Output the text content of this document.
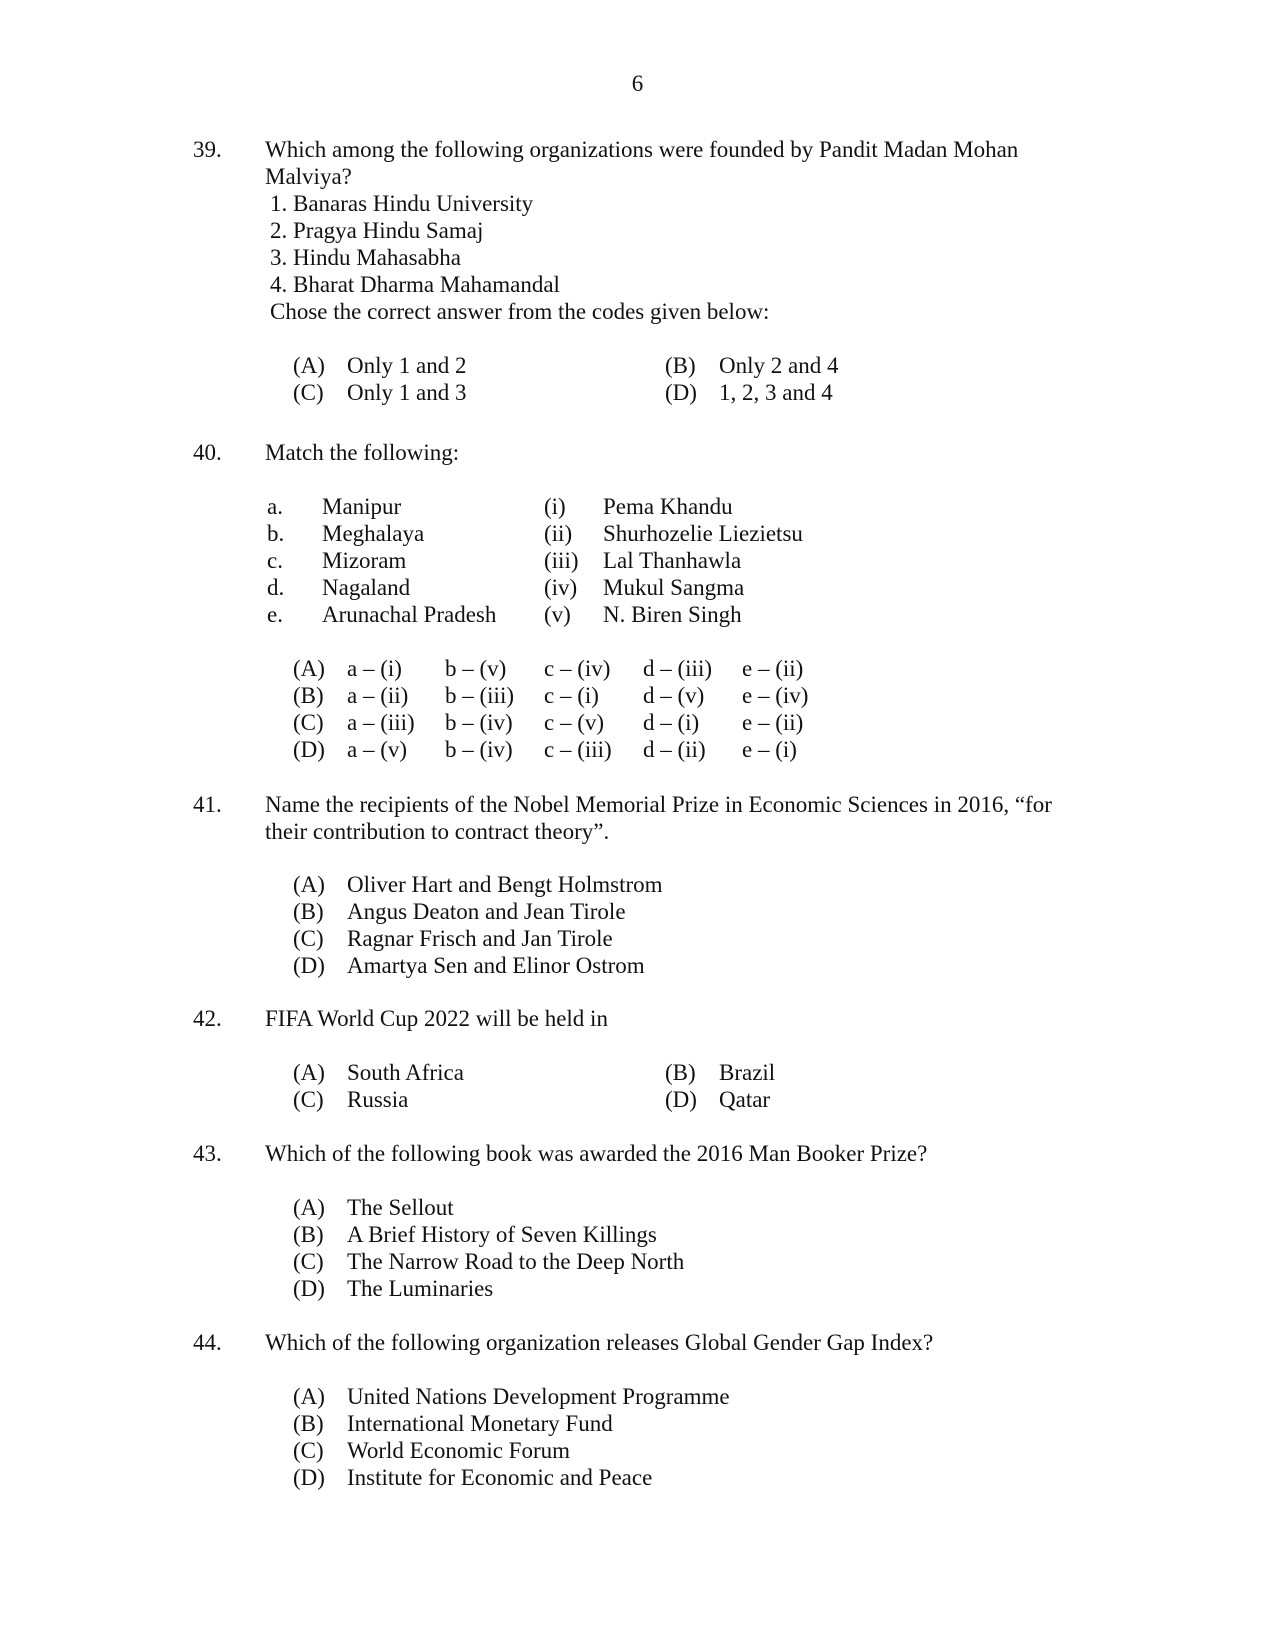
6
39. Which among the following organizations were founded by Pandit Madan Mohan
Malviya?
1. Banaras Hindu University
2. Pragya Hindu Samaj
3. Hindu Mahasabha
4. Bharat Dharma Mahamandal
Chose the correct answer from the codes given below:
(A) Only 1 and 2	(B) Only 2 and 4
(C) Only 1 and 3	(D) 1, 2, 3 and 4
40. Match the following:
a. Manipur	(i) Pema Khandu
b. Meghalaya	(ii) Shurhozelie Liezietsu
c. Mizoram	(iii) Lal Thanhawla
d. Nagaland	(iv) Mukul Sangma
e. Arunachal Pradesh (v) N. Biren Singh
(A) a – (i) b – (v) c – (iv) d – (iii) e – (ii)
(B) a – (ii) b – (iii) c – (i) d – (v) e – (iv)
(C) a – (iii) b – (iv) c – (v) d – (i) e – (ii)
(D) a – (v) b – (iv) c – (iii) d – (ii) e – (i)
41. Name the recipients of the Nobel Memorial Prize in Economic Sciences in 2016, “for
their contribution to contract theory”.
(A) Oliver Hart and Bengt Holmstrom
(B) Angus Deaton and Jean Tirole
(C) Ragnar Frisch and Jan Tirole
(D) Amartya Sen and Elinor Ostrom
42. FIFA World Cup 2022 will be held in
(A) South Africa	(B) Brazil
(C) Russia	(D) Qatar
43. Which of the following book was awarded the 2016 Man Booker Prize?
(A) The Sellout
(B) A Brief History of Seven Killings
(C) The Narrow Road to the Deep North
(D) The Luminaries
44. Which of the following organization releases Global Gender Gap Index?
(A) United Nations Development Programme
(B) International Monetary Fund
(C) World Economic Forum
(D) Institute for Economic and Peace
